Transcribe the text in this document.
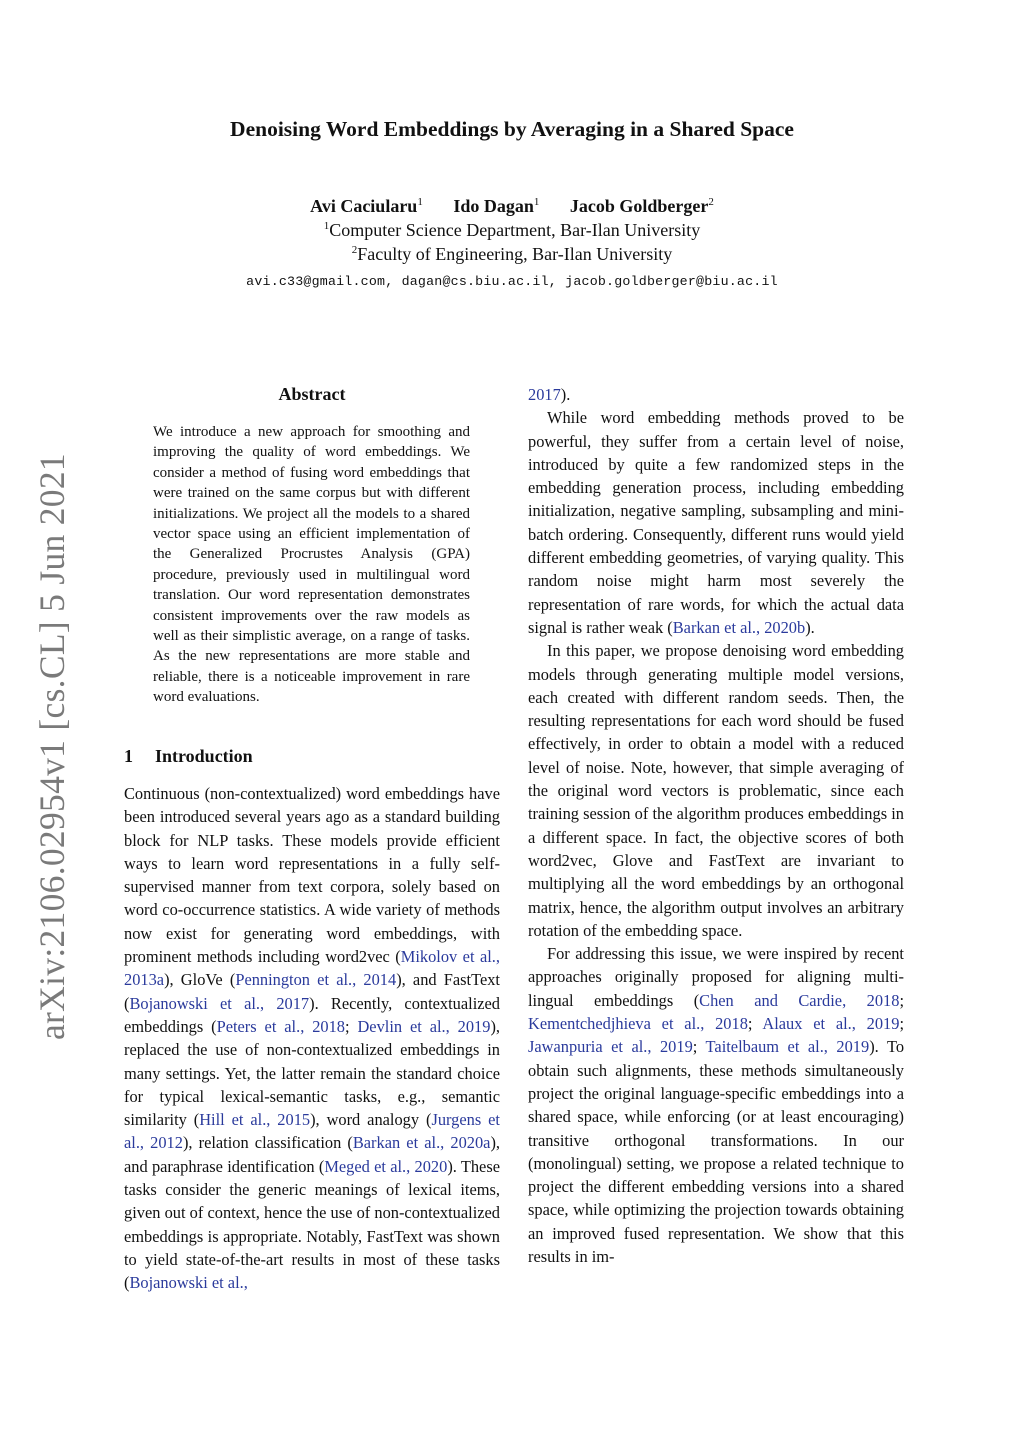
arXiv:2106.02954v1 [cs.CL] 5 Jun 2021
Denoising Word Embeddings by Averaging in a Shared Space
Avi Caciularu$^1$ Ido Dagan$^1$ Jacob Goldberger$^2$
$^1$Computer Science Department, Bar-Ilan University
$^2$Faculty of Engineering, Bar-Ilan University
avi.c33@gmail.com, dagan@cs.biu.ac.il, jacob.goldberger@biu.ac.il
Abstract
We introduce a new approach for smoothing and improving the quality of word embeddings. We consider a method of fusing word embeddings that were trained on the same corpus but with different initializations. We project all the models to a shared vector space using an efficient implementation of the Generalized Procrustes Analysis (GPA) procedure, previously used in multilingual word translation. Our word representation demonstrates consistent improvements over the raw models as well as their simplistic average, on a range of tasks. As the new representations are more stable and reliable, there is a noticeable improvement in rare word evaluations.
1 Introduction

Continuous (non-contextualized) word embeddings have been introduced several years ago as a standard building block for NLP tasks. These models provide efficient ways to learn word representations in a fully self-supervised manner from text corpora, solely based on word co-occurrence statistics. A wide variety of methods now exist for generating word embeddings, with prominent methods including word2vec (Mikolov et al., 2013a), GloVe (Pennington et al., 2014), and FastText (Bojanowski et al., 2017). Recently, contextualized embeddings (Peters et al., 2018; Devlin et al., 2019), replaced the use of non-contextualized embeddings in many settings. Yet, the latter remain the standard choice for typical lexical-semantic tasks, e.g., semantic similarity (Hill et al., 2015), word analogy (Jurgens et al., 2012), relation classification (Barkan et al., 2020a), and paraphrase identification (Meged et al., 2020). These tasks consider the generic meanings of lexical items, given out of context, hence the use of non-contextualized embeddings is appropriate. Notably, FastText was shown to yield state-of-the-art results in most of these tasks (Bojanowski et al.,

2017).

While word embedding methods proved to be powerful, they suffer from a certain level of noise, introduced by quite a few randomized steps in the embedding generation process, including embedding initialization, negative sampling, subsampling and mini-batch ordering. Consequently, different runs would yield different embedding geometries, of varying quality. This random noise might harm most severely the representation of rare words, for which the actual data signal is rather weak (Barkan et al., 2020b).

In this paper, we propose denoising word embedding models through generating multiple model versions, each created with different random seeds. Then, the resulting representations for each word should be fused effectively, in order to obtain a model with a reduced level of noise. Note, however, that simple averaging of the original word vectors is problematic, since each training session of the algorithm produces embeddings in a different space. In fact, the objective scores of both word2vec, Glove and FastText are invariant to multiplying all the word embeddings by an orthogonal matrix, hence, the algorithm output involves an arbitrary rotation of the embedding space.

For addressing this issue, we were inspired by recent approaches originally proposed for aligning multi-lingual embeddings (Chen and Cardie, 2018; Kementchedjhieva et al., 2018; Alaux et al., 2019; Jawanpuria et al., 2019; Taitelbaum et al., 2019). To obtain such alignments, these methods simultaneously project the original language-specific embeddings into a shared space, while enforcing (or at least encouraging) transitive orthogonal transformations. In our (monolingual) setting, we propose a related technique to project the different embedding versions into a shared space, while optimizing the projection towards obtaining an improved fused representation. We show that this results in im-
